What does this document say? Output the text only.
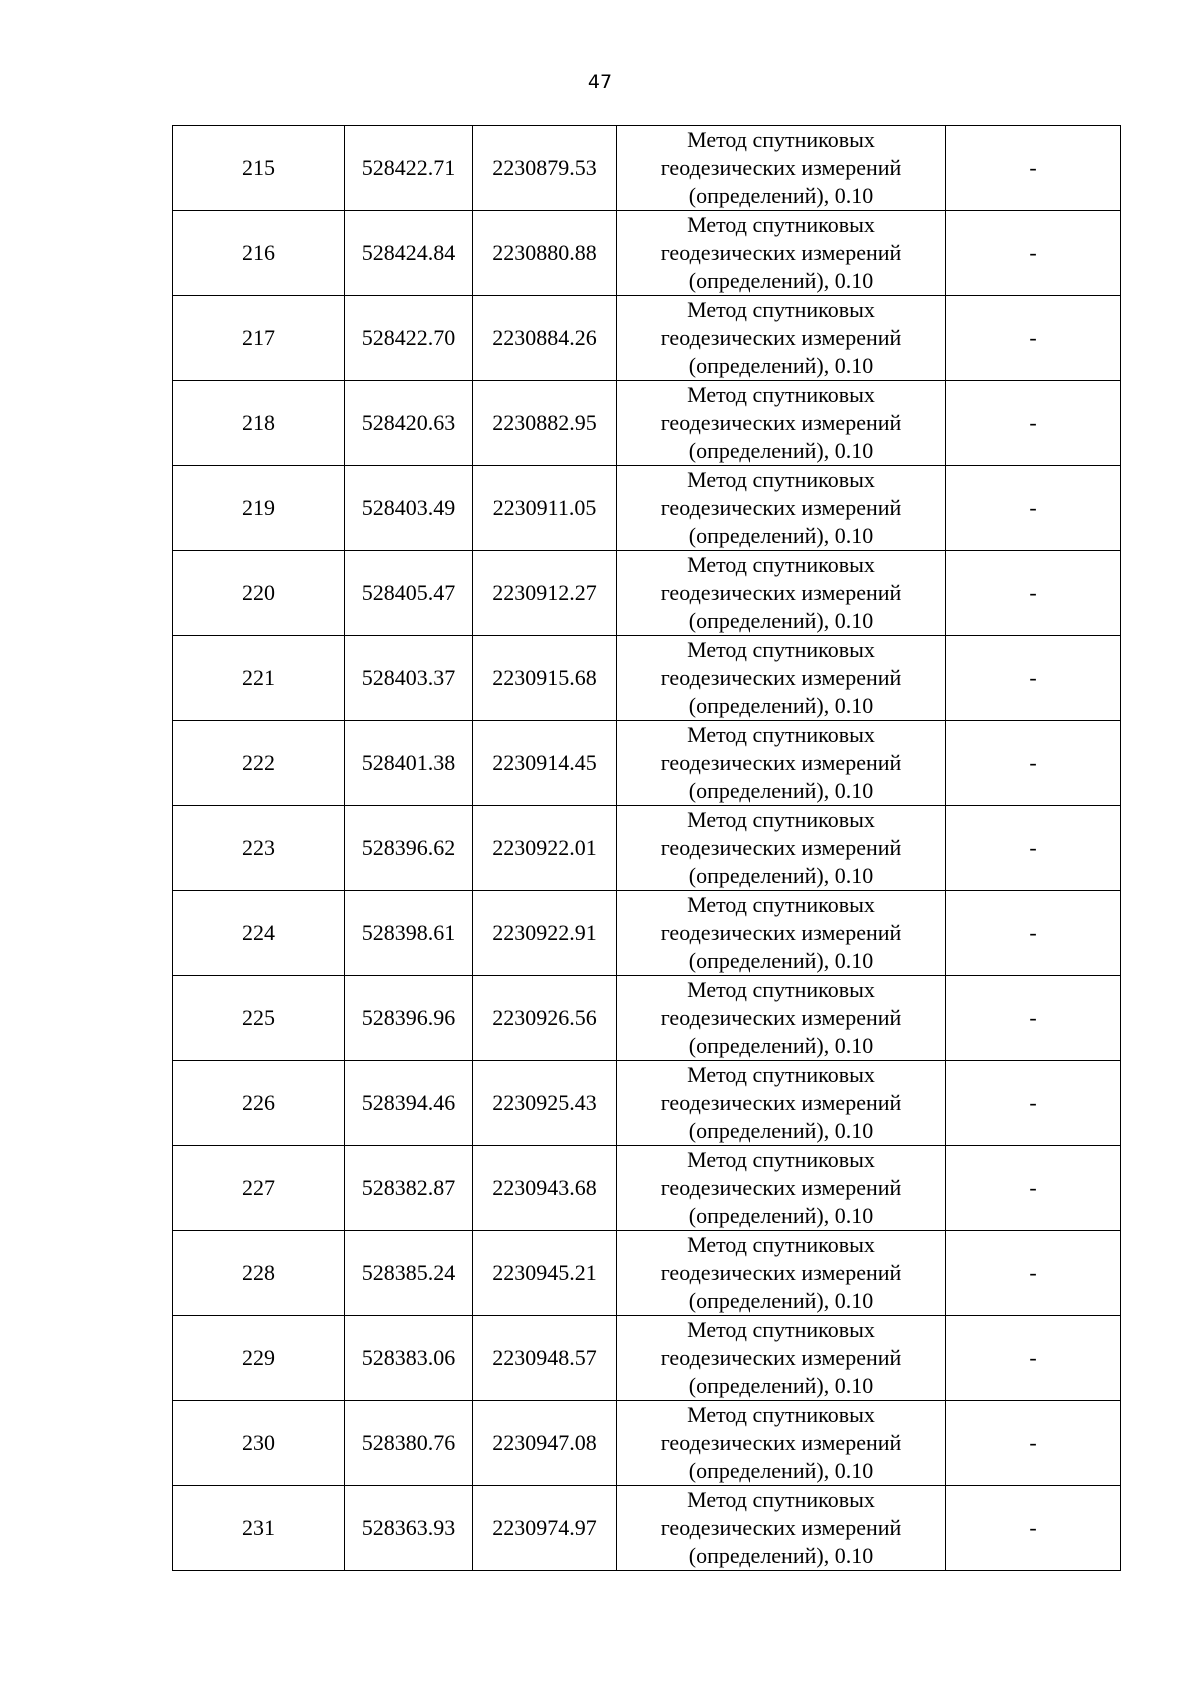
47
215	528422.71	2230879.53	Метод спутниковых
геодезических измерений
(определений), 0.10	-
216	528424.84	2230880.88	Метод спутниковых
геодезических измерений
(определений), 0.10	-
217	528422.70	2230884.26	Метод спутниковых
геодезических измерений
(определений), 0.10	-
218	528420.63	2230882.95	Метод спутниковых
геодезических измерений
(определений), 0.10	-
219	528403.49	2230911.05	Метод спутниковых
геодезических измерений
(определений), 0.10	-
220	528405.47	2230912.27	Метод спутниковых
геодезических измерений
(определений), 0.10	-
221	528403.37	2230915.68	Метод спутниковых
геодезических измерений
(определений), 0.10	-
222	528401.38	2230914.45	Метод спутниковых
геодезических измерений
(определений), 0.10	-
223	528396.62	2230922.01	Метод спутниковых
геодезических измерений
(определений), 0.10	-
224	528398.61	2230922.91	Метод спутниковых
геодезических измерений
(определений), 0.10	-
225	528396.96	2230926.56	Метод спутниковых
геодезических измерений
(определений), 0.10	-
226	528394.46	2230925.43	Метод спутниковых
геодезических измерений
(определений), 0.10	-
227	528382.87	2230943.68	Метод спутниковых
геодезических измерений
(определений), 0.10	-
228	528385.24	2230945.21	Метод спутниковых
геодезических измерений
(определений), 0.10	-
229	528383.06	2230948.57	Метод спутниковых
геодезических измерений
(определений), 0.10	-
230	528380.76	2230947.08	Метод спутниковых
геодезических измерений
(определений), 0.10	-
231	528363.93	2230974.97	Метод спутниковых
геодезических измерений
(определений), 0.10	-
